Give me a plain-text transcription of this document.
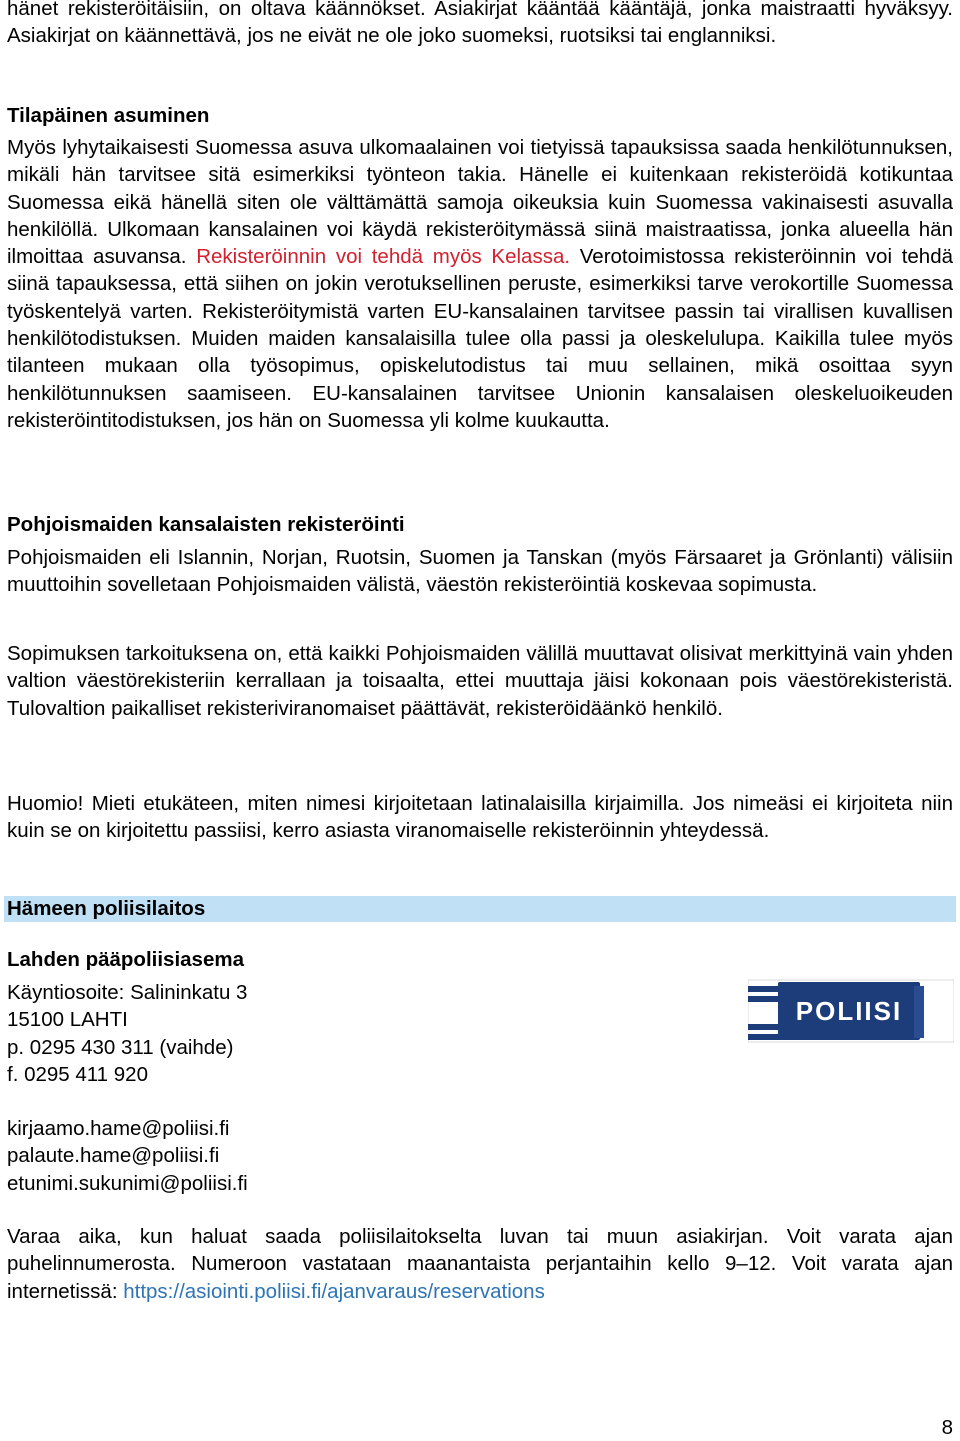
hänet rekisteröitäisiin, on oltava käännökset. Asiakirjat kääntää kääntäjä, jonka maistraatti hyväksyy. Asiakirjat on käännettävä, jos ne eivät ne ole joko suomeksi, ruotsiksi tai englanniksi.

Tilapäinen asuminen

Myös lyhytaikaisesti Suomessa asuva ulkomaalainen voi tietyissä tapauksissa saada henkilötunnuksen, mikäli hän tarvitsee sitä esimerkiksi työnteon takia. Hänelle ei kuitenkaan rekisteröidä kotikuntaa Suomessa eikä hänellä siten ole välttämättä samoja oikeuksia kuin Suomessa vakinaisesti asuvalla henkilöllä. Ulkomaan kansalainen voi käydä rekisteröitymässä siinä maistraatissa, jonka alueella hän ilmoittaa asuvansa. Rekisteröinnin voi tehdä myös Kelassa. Verotoimistossa rekisteröinnin voi tehdä siinä tapauksessa, että siihen on jokin verotuksellinen peruste, esimerkiksi tarve verokortille Suomessa työskentelyä varten. Rekisteröitymistä varten EU-kansalainen tarvitsee passin tai virallisen kuvallisen henkilötodistuksen. Muiden maiden kansalaisilla tulee olla passi ja oleskelulupa. Kaikilla tulee myös tilanteen mukaan olla työsopimus, opiskelutodistus tai muu sellainen, mikä osoittaa syyn henkilötunnuksen saamiseen. EU-kansalainen tarvitsee Unionin kansalaisen oleskeluoikeuden rekisteröintitodistuksen, jos hän on Suomessa yli kolme kuukautta.

Pohjoismaiden kansalaisten rekisteröinti

Pohjoismaiden eli Islannin, Norjan, Ruotsin, Suomen ja Tanskan (myös Färsaaret ja Grönlanti) välisiin muuttoihin sovelletaan Pohjoismaiden välistä, väestön rekisteröintiä koskevaa sopimusta.

Sopimuksen tarkoituksena on, että kaikki Pohjoismaiden välillä muuttavat olisivat merkittyinä vain yhden valtion väestörekisteriin kerrallaan ja toisaalta, ettei muuttaja jäisi kokonaan pois väestörekisteristä. Tulovaltion paikalliset rekisteriviranomaiset päättävät, rekisteröidäänkö henkilö.

Huomio! Mieti etukäteen, miten nimesi kirjoitetaan latinalaisilla kirjaimilla. Jos nimeäsi ei kirjoiteta niin kuin se on kirjoitettu passiisi, kerro asiasta viranomaiselle rekisteröinnin yhteydessä.

Hämeen poliisilaitos
Lahden pääpoliisiasema

Käyntiosoite: Salininkatu 3

15100 LAHTI

p. 0295 430 311 (vaihde)

f. 0295 411 920

kirjaamo.hame@poliisi.fi

palaute.hame@poliisi.fi

etunimi.sukunimi@poliisi.fi

POLIISI

Varaa aika, kun haluat saada poliisilaitokselta luvan tai muun asiakirjan. Voit varata ajan puhelinnumerosta. Numeroon vastataan maanantaista perjantaihin kello 9–12. Voit varata ajan internetissä: https://asiointi.poliisi.fi/ajanvaraus/reservations

8
